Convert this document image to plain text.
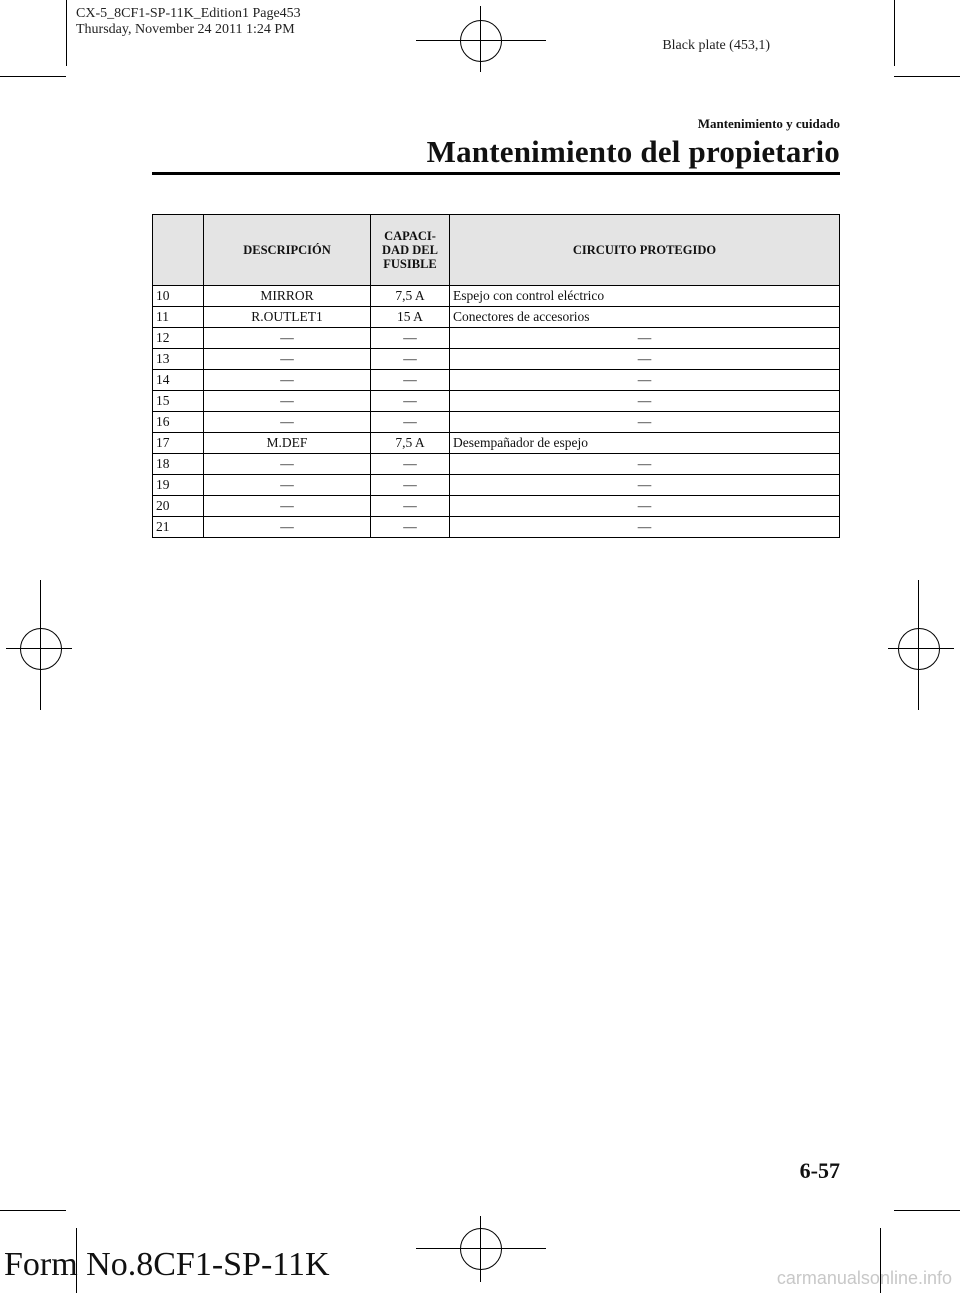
CX-5_8CF1-SP-11K_Edition1 Page453
Thursday, November 24 2011 1:24 PM
Black plate (453,1)
Mantenimiento y cuidado
Mantenimiento del propietario
	DESCRIPCIÓN	CAPACI-
DAD DEL
FUSIBLE	CIRCUITO PROTEGIDO
10	MIRROR	7,5 A	Espejo con control eléctrico
11	R.OUTLET1	15 A	Conectores de accesorios
12	—	—	—
13	—	—	—
14	—	—	—
15	—	—	—
16	—	—	—
17	M.DEF	7,5 A	Desempañador de espejo
18	—	—	—
19	—	—	—
20	—	—	—
21	—	—	—
6-57
Form No.8CF1-SP-11K	carmanualsonline.info
